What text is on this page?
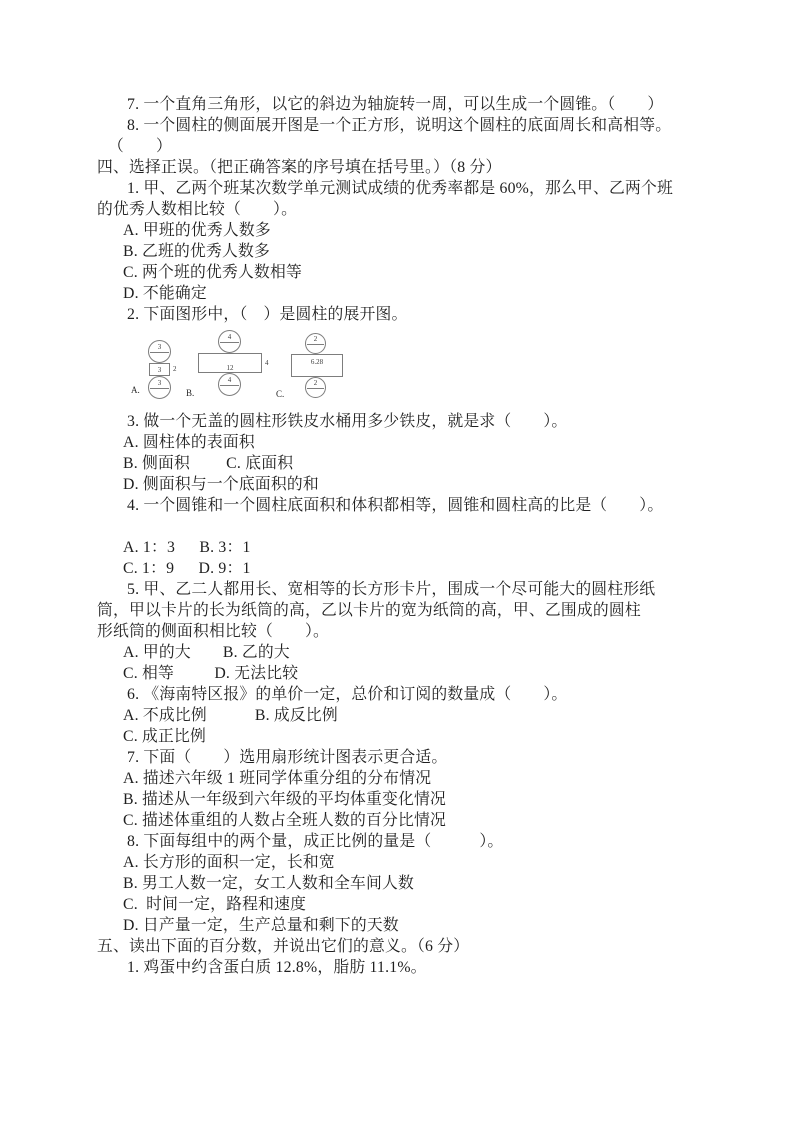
7. 一个直角三角形，以它的斜边为轴旋转一周，可以生成一个圆锥。（　　）
8. 一个圆柱的侧面展开图是一个正方形，说明这个圆柱的底面周长和高相等。
（　　）
四、选择正误。（把正确答案的序号填在括号里。）（8 分）
1. 甲、乙两个班某次数学单元测试成绩的优秀率都是 60%，那么甲、乙两个班
的优秀人数相比较（　　）。
A. 甲班的优秀人数多
B. 乙班的优秀人数多
C. 两个班的优秀人数相等
D. 不能确定
2. 下面图形中，（　）是圆柱的展开图。
3
3	2
3
A.
4
12
4
4
B.
2
6.28
2
C.
3. 做一个无盖的圆柱形铁皮水桶用多少铁皮，就是求（　　）。
A. 圆柱体的表面积
B. 侧面积　　 C. 底面积
D. 侧面积与一个底面积的和
4. 一个圆锥和一个圆柱底面积和体积都相等，圆锥和圆柱高的比是（　　）。
A. 1：3　  B. 3：1
C. 1：9　  D. 9：1
5. 甲、乙二人都用长、宽相等的长方形卡片，围成一个尽可能大的圆柱形纸
筒，甲以卡片的长为纸筒的高，乙以卡片的宽为纸筒的高，甲、乙围成的圆柱
形纸筒的侧面积相比较（　　）。
A. 甲的大　　B. 乙的大
C. 相等　　  D. 无法比较
6. 《海南特区报》的单价一定，总价和订阅的数量成（　　）。
A. 不成比例　　　B. 成反比例
C. 成正比例
7. 下面（　　）选用扇形统计图表示更合适。
A. 描述六年级 1 班同学体重分组的分布情况
B. 描述从一年级到六年级的平均体重变化情况
C. 描述体重组的人数占全班人数的百分比情况
8. 下面每组中的两个量，成正比例的量是（　　　）。
A. 长方形的面积一定，长和宽
B. 男工人数一定，女工人数和全车间人数
C.  时间一定，路程和速度
D. 日产量一定，生产总量和剩下的天数
五、读出下面的百分数，并说出它们的意义。（6 分）
1. 鸡蛋中约含蛋白质 12.8%，脂肪 11.1%。
